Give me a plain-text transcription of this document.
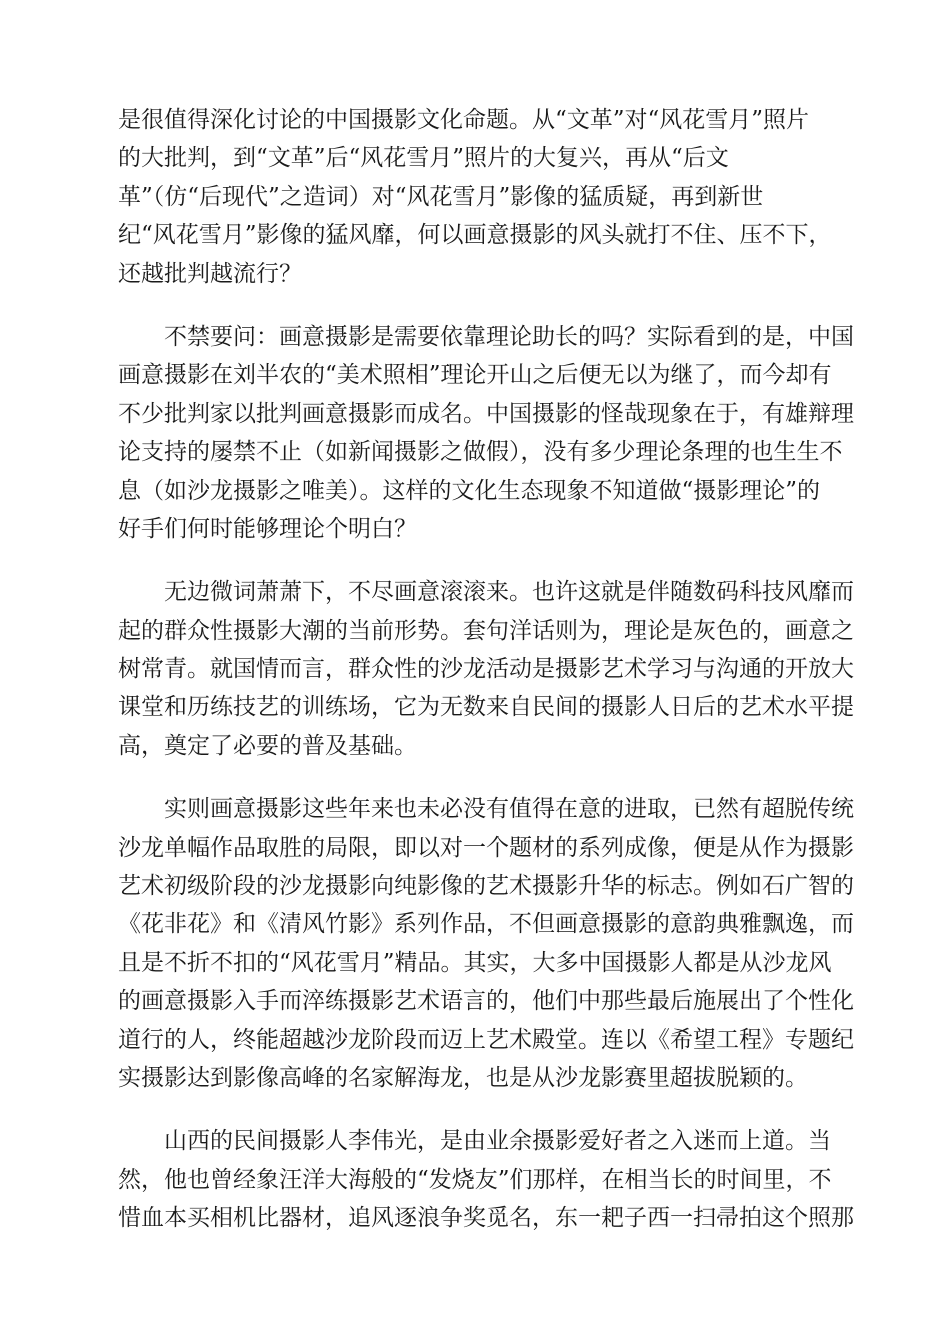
是很值得深化讨论的中国摄影文化命题。从“文革”对“风花雪月”照片
的大批判，到“文革”后“风花雪月”照片的大复兴，再从“后文
革”（仿“后现代”之造词）对“风花雪月”影像的猛质疑，再到新世
纪“风花雪月”影像的猛风靡，何以画意摄影的风头就打不住、压不下，
还越批判越流行？

不禁要问：画意摄影是需要依靠理论助长的吗？实际看到的是，中国
画意摄影在刘半农的“美术照相”理论开山之后便无以为继了，而今却有
不少批判家以批判画意摄影而成名。中国摄影的怪哉现象在于，有雄辩理
论支持的屡禁不止（如新闻摄影之做假），没有多少理论条理的也生生不
息（如沙龙摄影之唯美）。这样的文化生态现象不知道做“摄影理论”的
好手们何时能够理论个明白？

无边微词萧萧下，不尽画意滚滚来。也许这就是伴随数码科技风靡而
起的群众性摄影大潮的当前形势。套句洋话则为，理论是灰色的，画意之
树常青。就国情而言，群众性的沙龙活动是摄影艺术学习与沟通的开放大
课堂和历练技艺的训练场，它为无数来自民间的摄影人日后的艺术水平提
高，奠定了必要的普及基础。

实则画意摄影这些年来也未必没有值得在意的进取，已然有超脱传统
沙龙单幅作品取胜的局限，即以对一个题材的系列成像，便是从作为摄影
艺术初级阶段的沙龙摄影向纯影像的艺术摄影升华的标志。例如石广智的
《花非花》和《清风竹影》系列作品，不但画意摄影的意韵典雅飘逸，而
且是不折不扣的“风花雪月”精品。其实，大多中国摄影人都是从沙龙风
的画意摄影入手而淬练摄影艺术语言的，他们中那些最后施展出了个性化
道行的人，终能超越沙龙阶段而迈上艺术殿堂。连以《希望工程》专题纪
实摄影达到影像高峰的名家解海龙，也是从沙龙影赛里超拔脱颖的。

山西的民间摄影人李伟光，是由业余摄影爱好者之入迷而上道。当
然，他也曾经象汪洋大海般的“发烧友”们那样，在相当长的时间里，不
惜血本买相机比器材，追风逐浪争奖觅名，东一耙子西一扫帚拍这个照那
